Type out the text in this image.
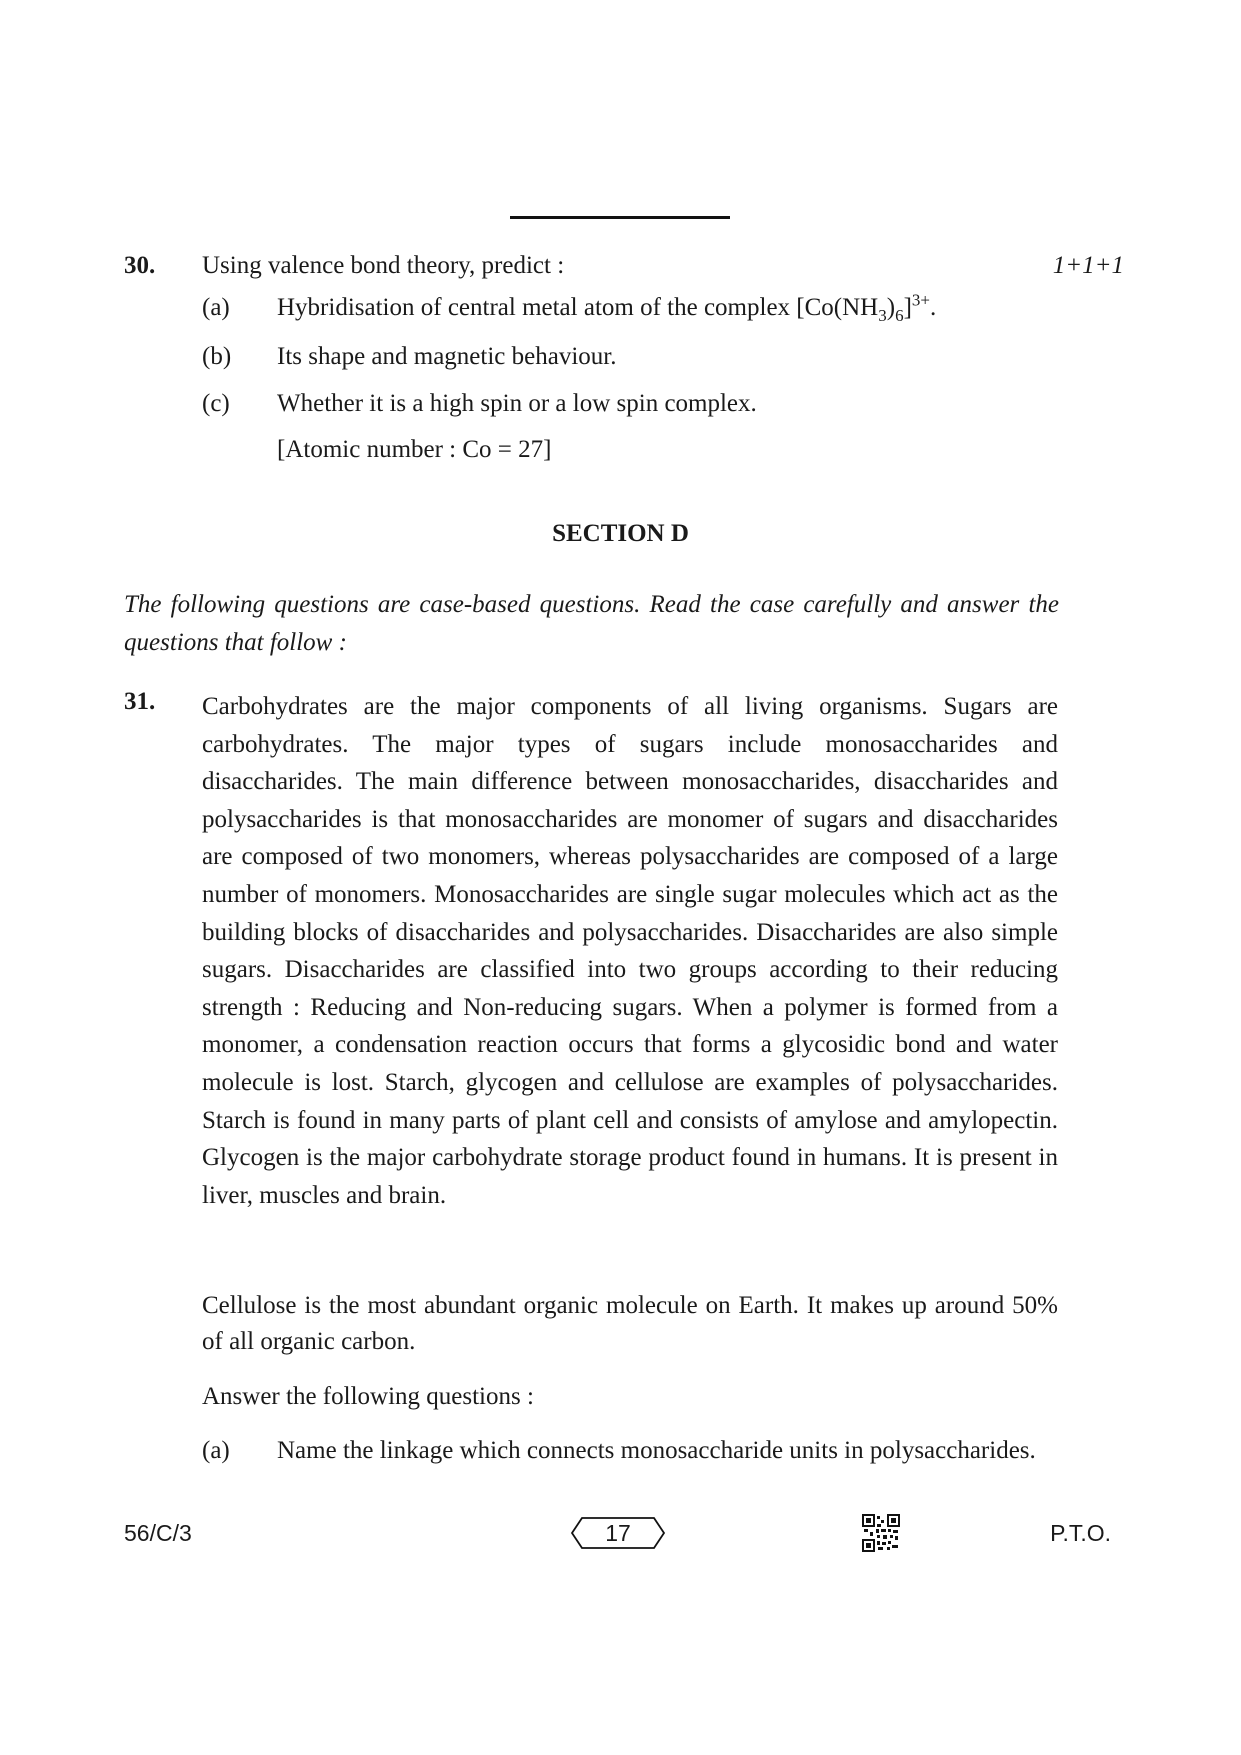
30. Using valence bond theory, predict :	1+1+1
(a)	Hybridisation of central metal atom of the complex $[Co(NH_3)_6]^{3+}$.
(b)	Its shape and magnetic behaviour.
(c)	Whether it is a high spin or a low spin complex.
[Atomic number : Co = 27]
SECTION D
The following questions are case-based questions. Read the case carefully and answer the questions that follow :
31. Carbohydrates are the major components of all living organisms. Sugars are carbohydrates. The major types of sugars include monosaccharides and disaccharides. The main difference between monosaccharides, disaccharides and polysaccharides is that monosaccharides are monomer of sugars and disaccharides are composed of two monomers, whereas polysaccharides are composed of a large number of monomers. Monosaccharides are single sugar molecules which act as the building blocks of disaccharides and polysaccharides. Disaccharides are also simple sugars. Disaccharides are classified into two groups according to their reducing strength : Reducing and Non-reducing sugars. When a polymer is formed from a monomer, a condensation reaction occurs that forms a glycosidic bond and water molecule is lost. Starch, glycogen and cellulose are examples of polysaccharides. Starch is found in many parts of plant cell and consists of amylose and amylopectin. Glycogen is the major carbohydrate storage product found in humans. It is present in liver, muscles and brain.

Cellulose is the most abundant organic molecule on Earth. It makes up around 50% of all organic carbon.

Answer the following questions :

(a) Name the linkage which connects monosaccharide units in polysaccharides.
56/C/3	17	P.T.O.
